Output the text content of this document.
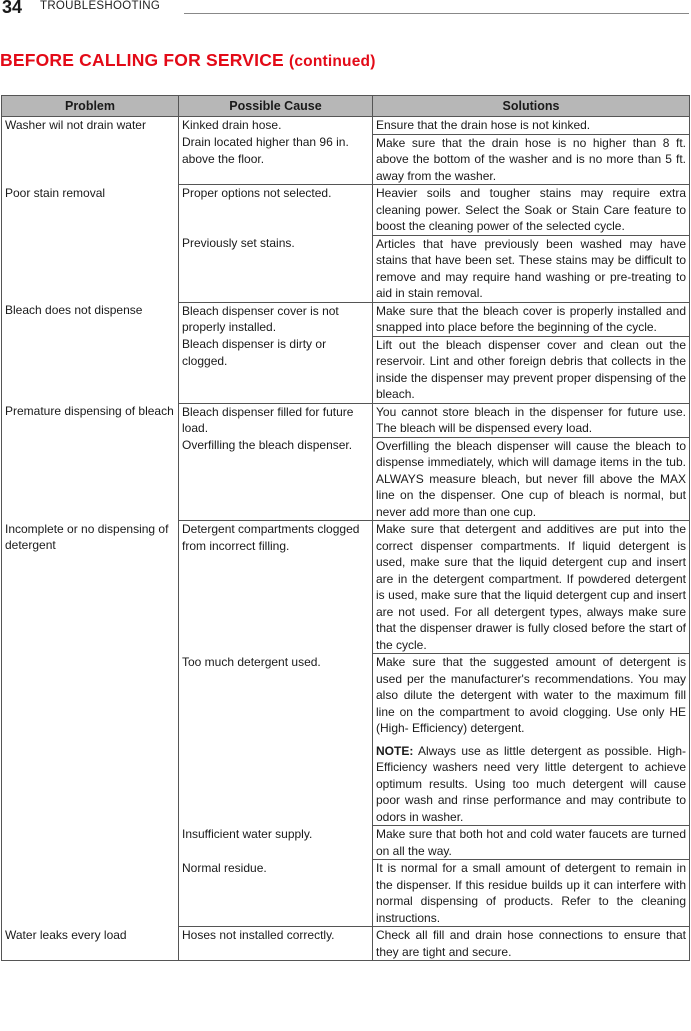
34 TROUBLESHOOTING
BEFORE CALLING FOR SERVICE (continued)
Problem	Possible Cause	Solutions
Washer wil not drain water	Kinked drain hose.	Ensure that the drain hose is not kinked.
	Drain located higher than 96 in. above the floor.	Make sure that the drain hose is no higher than 8 ft. above the bottom of the washer and is no more than 5 ft. away from the washer.
Poor stain removal	Proper options not selected.	Heavier soils and tougher stains may require extra cleaning power. Select the Soak or Stain Care feature to boost the cleaning power of the selected cycle.
	Previously set stains.	Articles that have previously been washed may have stains that have been set. These stains may be difficult to remove and may require hand washing or pre-treating to aid in stain removal.
Bleach does not dispense	Bleach dispenser cover is not properly installed.	Make sure that the bleach cover is properly installed and snapped into place before the beginning of the cycle.
	Bleach dispenser is dirty or clogged.	Lift out the bleach dispenser cover and clean out the reservoir. Lint and other foreign debris that collects in the inside the dispenser may prevent proper dispensing of the bleach.
Premature dispensing of bleach	Bleach dispenser filled for future load.	You cannot store bleach in the dispenser for future use. The bleach will be dispensed every load.
	Overfilling the bleach dispenser.	Overfilling the bleach dispenser will cause the bleach to dispense immediately, which will damage items in the tub. ALWAYS measure bleach, but never fill above the MAX line on the dispenser. One cup of bleach is normal, but never add more than one cup.
Incomplete or no dispensing of detergent	Detergent compartments clogged from incorrect filling.	Make sure that detergent and additives are put into the correct dispenser compartments. If liquid detergent is used, make sure that the liquid detergent cup and insert are in the detergent compartment. If powdered detergent is used, make sure that the liquid detergent cup and insert are not used. For all detergent types, always make sure that the dispenser drawer is fully closed before the start of the cycle.
	Too much detergent used.	Make sure that the suggested amount of detergent is used per the manufacturer's recommendations. You may also dilute the detergent with water to the maximum fill line on the compartment to avoid clogging. Use only HE (High- Efficiency) detergent.
NOTE: Always use as little detergent as possible. High-Efficiency washers need very little detergent to achieve optimum results. Using too much detergent will cause poor wash and rinse performance and may contribute to odors in washer.

	Insufficient water supply.	Make sure that both hot and cold water faucets are turned on all the way.
	Normal residue.	It is normal for a small amount of detergent to remain in the dispenser. If this residue builds up it can interfere with normal dispensing of products. Refer to the cleaning instructions.
Water leaks every load	Hoses not installed correctly.	Check all fill and drain hose connections to ensure that they are tight and secure.
